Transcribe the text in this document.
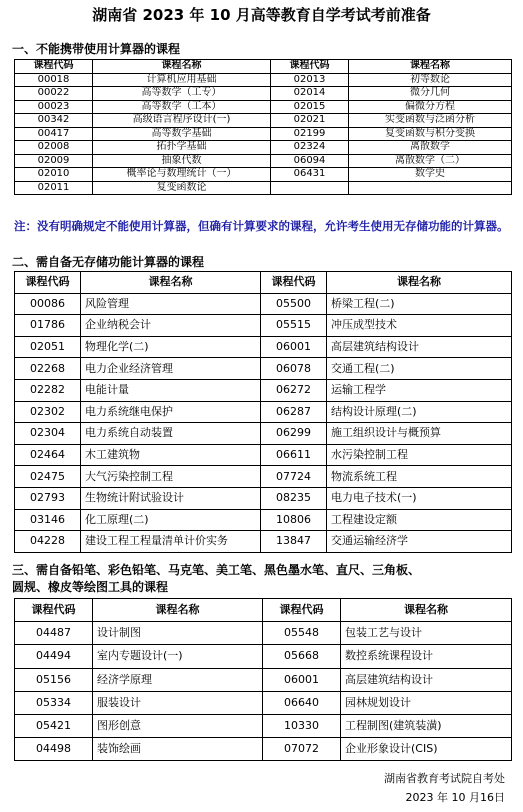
湖南省 2023 年 10 月高等教育自学考试考前准备
一、不能携带使用计算器的课程
课程代码	课程名称	课程代码	课程名称
00018	计算机应用基础	02013	初等数论
00022	高等数学（工专）	02014	微分几何
00023	高等数学（工本）	02015	偏微分方程
00342	高级语言程序设计(一)	02021	实变函数与泛函分析
00417	高等数学基础	02199	复变函数与积分变换
02008	拓扑学基础	02324	离散数学
02009	抽象代数	06094	离散数学（二）
02010	概率论与数理统计（一）	06431	数学史
02011	复变函数论		
注：没有明确规定不能使用计算器，但确有计算要求的课程，允许考生使用无存储功能的计算器。
二、需自备无存储功能计算器的课程
课程代码	课程名称	课程代码	课程名称
00086	风险管理	05500	桥梁工程(二)
01786	企业纳税会计	05515	冲压成型技术
02051	物理化学(二)	06001	高层建筑结构设计
02268	电力企业经济管理	06078	交通工程(二)
02282	电能计量	06272	运输工程学
02302	电力系统继电保护	06287	结构设计原理(二)
02304	电力系统自动装置	06299	施工组织设计与概预算
02464	木工建筑物	06611	水污染控制工程
02475	大气污染控制工程	07724	物流系统工程
02793	生物统计附试验设计	08235	电力电子技术(一)
03146	化工原理(二)	10806	工程建设定额
04228	建设工程工程量清单计价实务	13847	交通运输经济学
三、需自备铅笔、彩色铅笔、马克笔、美工笔、黑色墨水笔、直尺、三角板、
圆规、橡皮等绘图工具的课程
课程代码	课程名称	课程代码	课程名称
04487	设计制图	05548	包装工艺与设计
04494	室内专题设计(一)	05668	数控系统课程设计
05156	经济学原理	06001	高层建筑结构设计
05334	服装设计	06640	园林规划设计
05421	图形创意	10330	工程制图(建筑装潢)
04498	装饰绘画	07072	企业形象设计(CIS)
湖南省教育考试院自考处
2023 年 10 月16日
